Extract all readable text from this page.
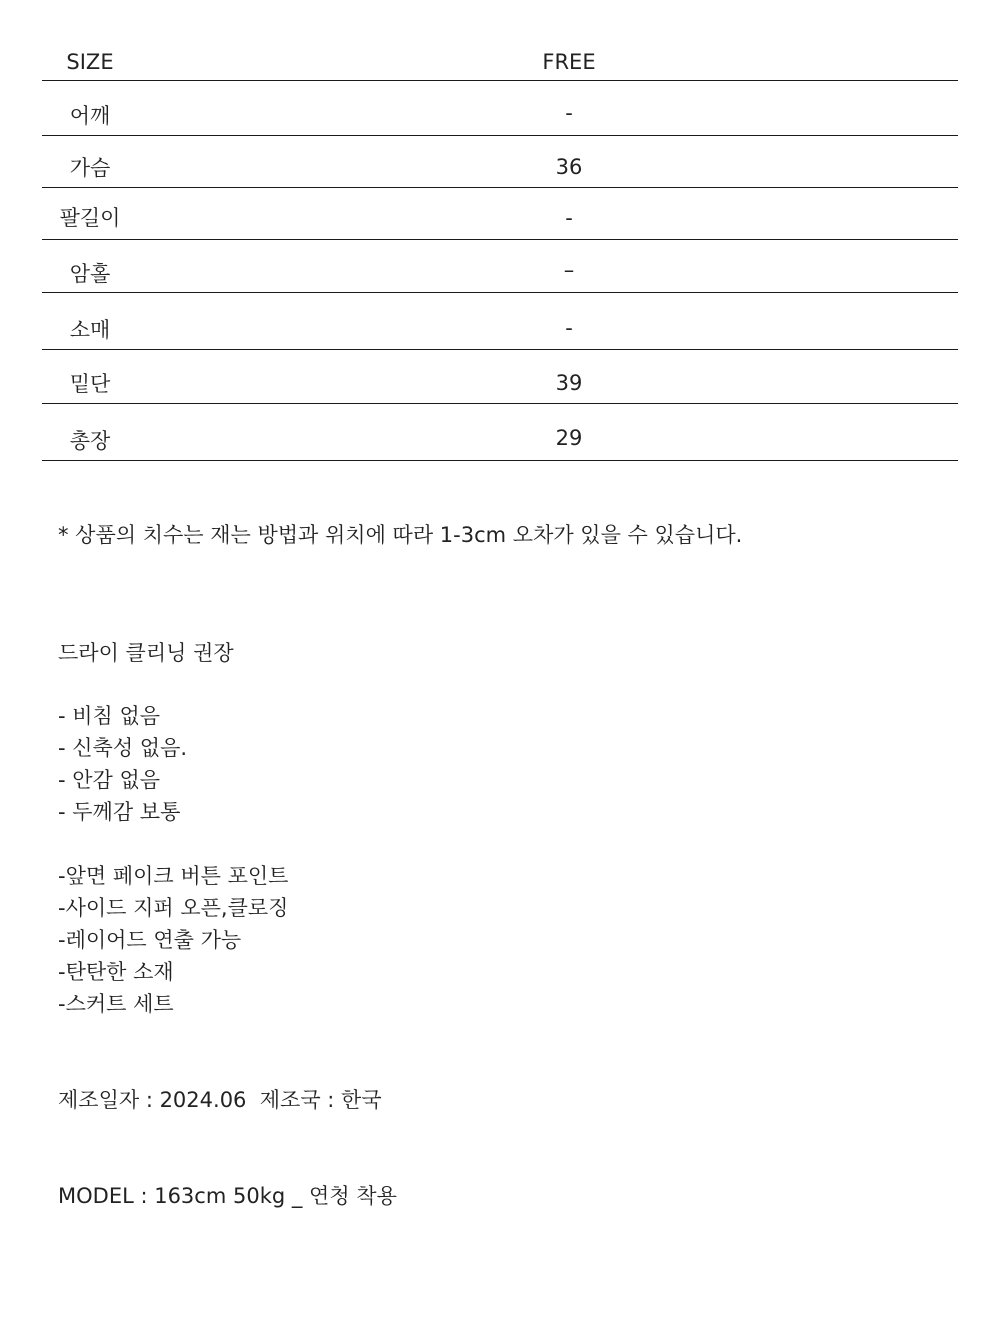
SIZE	FREE
어깨	-
가슴	36
팔길이	-
암홀	–
소매	-
밑단	39
총장	29
* 상품의 치수는 재는 방법과 위치에 따라 1-3cm 오차가 있을 수 있습니다.
드라이 클리닝 권장
- 비침 없음
- 신축성 없음.
- 안감 없음
- 두께감 보통
-앞면 페이크 버튼 포인트
-사이드 지퍼 오픈,클로징
-레이어드 연출 가능
-탄탄한 소재
-스커트 세트
제조일자 : 2024.06  제조국 : 한국
MODEL : 163cm 50kg _ 연청 착용
